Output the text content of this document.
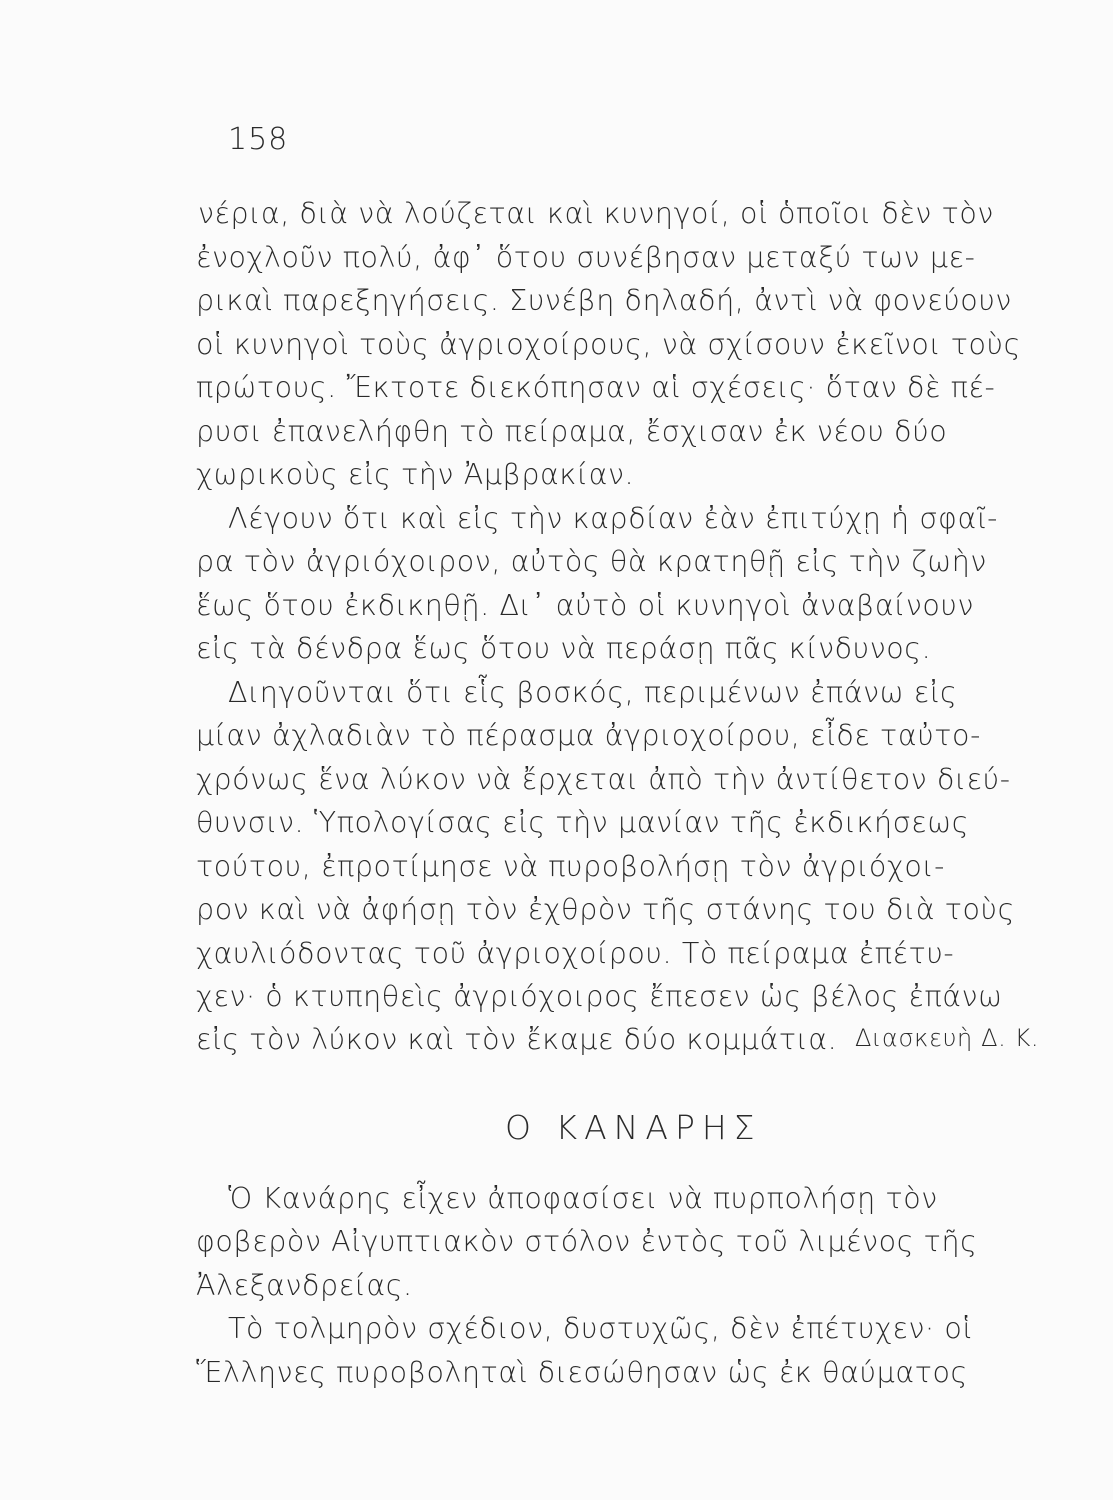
158
νέρια, διὰ νὰ λούζεται καὶ κυνηγοί, οἱ ὁποῖοι δὲν τὸν
ἐνοχλοῦν πολύ, ἀφ᾽ ὅτου συνέβησαν μεταξύ των με-
ρικαὶ παρεξηγήσεις. Συνέβη δηλαδή, ἀντὶ νὰ φονεύουν
οἱ κυνηγοὶ τοὺς ἀγριοχοίρους, νὰ σχίσουν ἐκεῖνοι τοὺς
πρώτους. Ἔκτοτε διεκόπησαν αἱ σχέσεις· ὅταν δὲ πέ-
ρυσι ἐπανελήφθη τὸ πείραμα, ἔσχισαν ἐκ νέου δύο
χωρικοὺς εἰς τὴν Ἀμβρακίαν.
Λέγουν ὅτι καὶ εἰς τὴν καρδίαν ἐὰν ἐπιτύχῃ ἡ σφαῖ-
ρα τὸν ἀγριόχοιρον, αὐτὸς θὰ κρατηθῇ εἰς τὴν ζωὴν
ἕως ὅτου ἐκδικηθῇ. Δι᾽ αὐτὸ οἱ κυνηγοὶ ἀναβαίνουν
εἰς τὰ δένδρα ἕως ὅτου νὰ περάσῃ πᾶς κίνδυνος.
Διηγοῦνται ὅτι εἷς βοσκός, περιμένων ἐπάνω εἰς
μίαν ἀχλαδιὰν τὸ πέρασμα ἀγριοχοίρου, εἶδε ταὐτο-
χρόνως ἕνα λύκον νὰ ἔρχεται ἀπὸ τὴν ἀντίθετον διεύ-
θυνσιν. Ὑπολογίσας εἰς τὴν μανίαν τῆς ἐκδικήσεως
τούτου, ἐπροτίμησε νὰ πυροβολήσῃ τὸν ἀγριόχοι-
ρον καὶ νὰ ἀφήσῃ τὸν ἐχθρὸν τῆς στάνης του διὰ τοὺς
χαυλιόδοντας τοῦ ἀγριοχοίρου. Τὸ πείραμα ἐπέτυ-
χεν· ὁ κτυπηθεὶς ἀγριόχοιρος ἔπεσεν ὡς βέλος ἐπάνω
εἰς τὸν λύκον καὶ τὸν ἔκαμε δύο κομμάτια. Διασκευὴ Δ. Κ.
Ο ΚΑΝΑΡΗΣ
Ὁ Κανάρης εἶχεν ἀποφασίσει νὰ πυρπολήσῃ τὸν
φοβερὸν Αἰγυπτιακὸν στόλον ἐντὸς τοῦ λιμένος τῆς
Ἀλεξανδρείας.
Τὸ τολμηρὸν σχέδιον, δυστυχῶς, δὲν ἐπέτυχεν· οἱ
Ἕλληνες πυροβοληταὶ διεσώθησαν ὡς ἐκ θαύματος
